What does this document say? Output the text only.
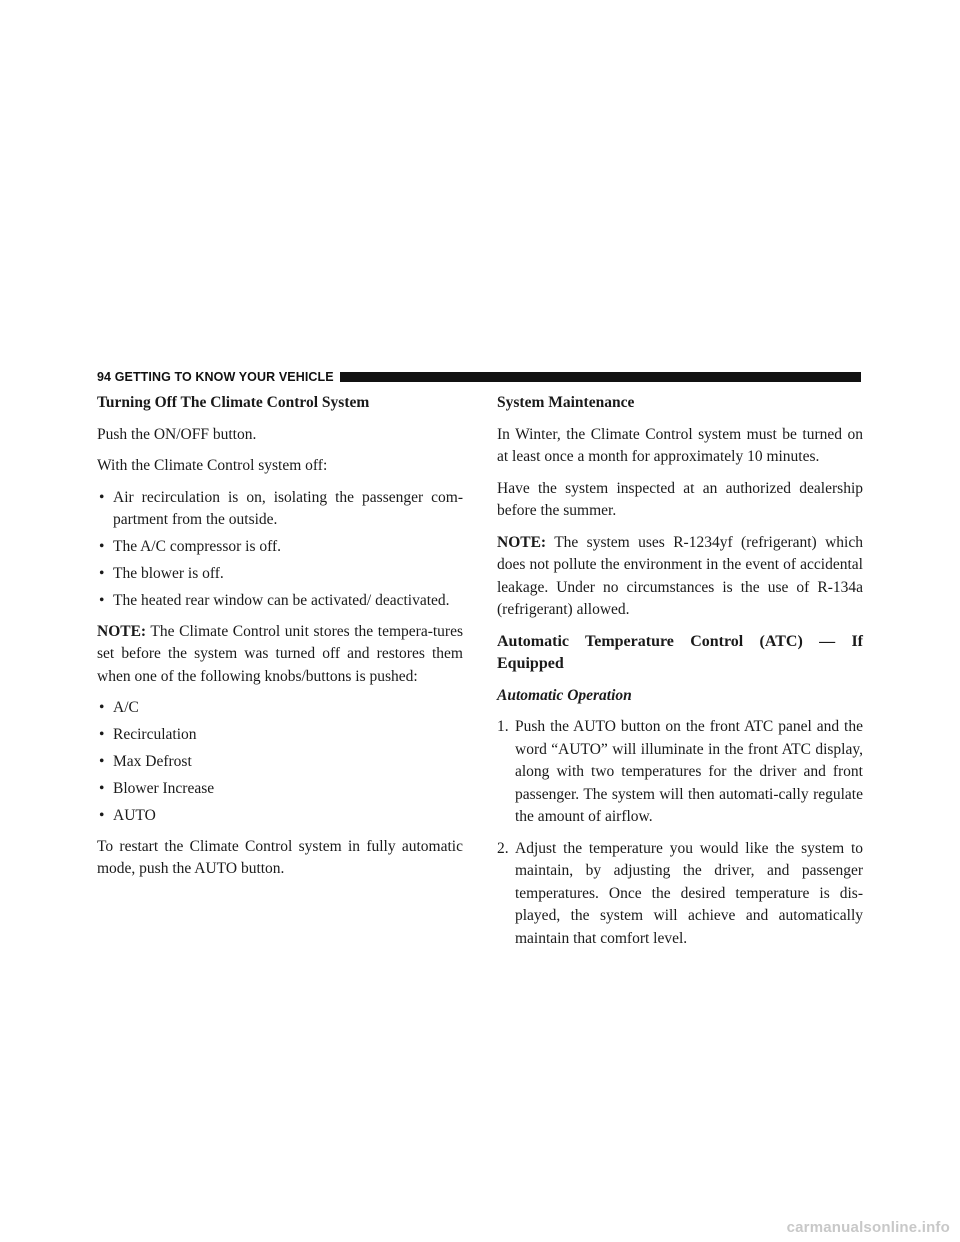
94 GETTING TO KNOW YOUR VEHICLE

Turning Off The Climate Control System

Push the ON/OFF button.

With the Climate Control system off:

• Air recirculation is on, isolating the passenger com-partment from the outside.
• The A/C compressor is off.
• The blower is off.
• The heated rear window can be activated/ deactivated.

NOTE: The Climate Control unit stores the tempera-tures set before the system was turned off and restores them when one of the following knobs/buttons is pushed:

• A/C
• Recirculation
• Max Defrost
• Blower Increase
• AUTO

To restart the Climate Control system in fully automatic mode, push the AUTO button.

System Maintenance

In Winter, the Climate Control system must be turned on at least once a month for approximately 10 minutes.

Have the system inspected at an authorized dealership before the summer.

NOTE: The system uses R-1234yf (refrigerant) which does not pollute the environment in the event of accidental leakage. Under no circumstances is the use of R-134a (refrigerant) allowed.

Automatic Temperature Control (ATC) — If Equipped

Automatic Operation

1. Push the AUTO button on the front ATC panel and the word “AUTO” will illuminate in the front ATC display, along with two temperatures for the driver and front passenger. The system will then automati-cally regulate the amount of airflow.
2. Adjust the temperature you would like the system to maintain, by adjusting the driver, and passenger temperatures. Once the desired temperature is dis-played, the system will achieve and automatically maintain that comfort level.
carmanualsonline.info
